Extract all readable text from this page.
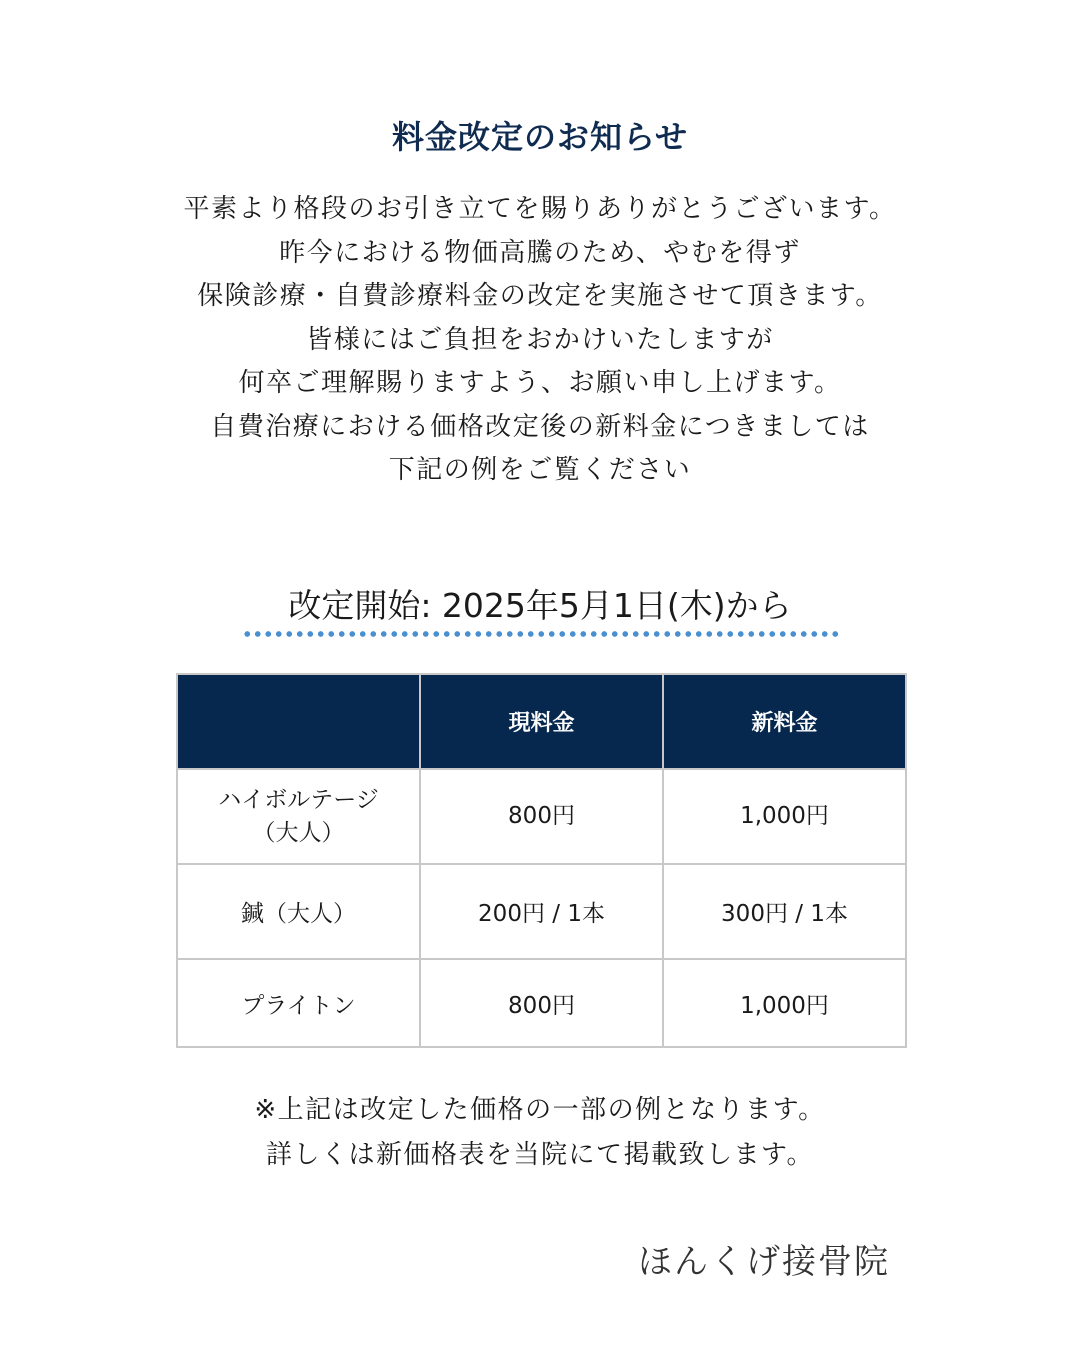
料金改定のお知らせ
平素より格段のお引き立てを賜りありがとうございます。
昨今における物価高騰のため、やむを得ず
保険診療・自費診療料金の改定を実施させて頂きます。
皆様にはご負担をおかけいたしますが
何卒ご理解賜りますよう、お願い申し上げます。
自費治療における価格改定後の新料金につきましては
下記の例をご覧ください
改定開始: 2025年5月1日(木)から
	現料金	新料金

ハイボルテージ
（大人）	800円	1,000円
鍼（大人）	200円 / 1本	300円 / 1本
プライトン	800円	1,000円
※上記は改定した価格の一部の例となります。
詳しくは新価格表を当院にて掲載致します。
ほんくげ接骨院
